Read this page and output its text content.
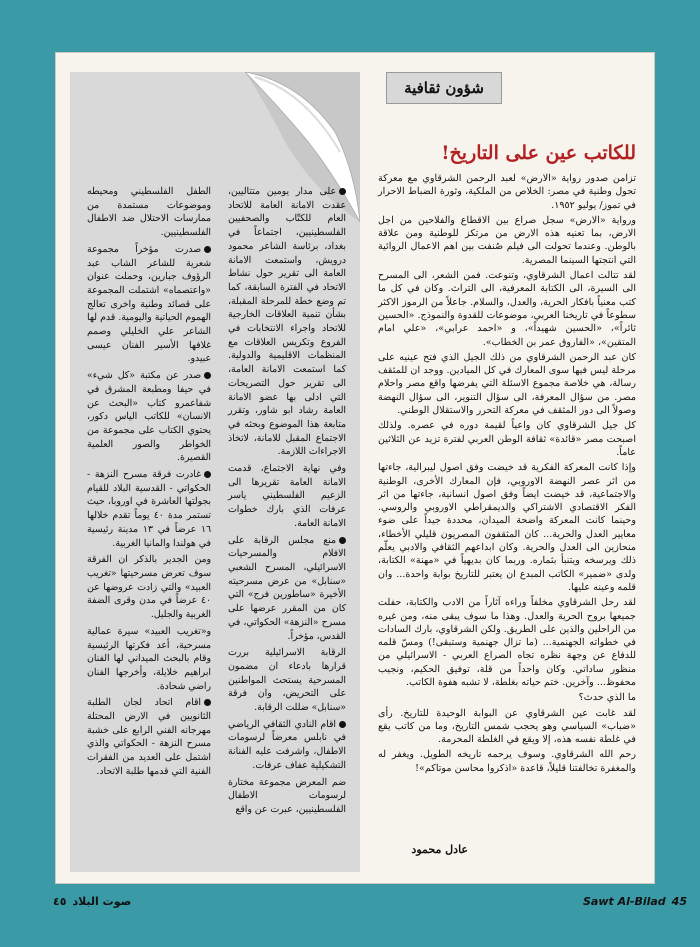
شؤون ثقافية
للكاتب عين على التاريخ!

تزامن صدور رواية «الارض» لعبد الرحمن الشرقاوي مع معركة تحول وطنية في مصر: الخلاص من الملكية، وثورة الضباط الاحرار في تموز/ يوليو ١٩٥٢.

ورواية «الارض» سجل صراع بين الاقطاع والفلاحين من اجل الارض، بما تعنيه هذه الارض من مرتكز للوطنية ومن علاقة بالوطن. وعندما تحولت الى فيلم صُنفت بين اهم الاعمال الروائية التي انتجتها السينما المصرية.

لقد تتالت اعمال الشرقاوي، وتنوعت. فمن الشعر، الى المسرح الى السيرة، الى الكتابة المعرفية، الى التراث. وكان في كل ما كتب معنياً بافكار الحرية، والعدل، والسلام. جاعلاً من الرموز الاكثر سطوعاً في تاريخنا العربي، موضوعات للقدوة والنموذج. «الحسين ثائراً»، «الحسين شهيداً»، و «احمد عرابي»، «علي امام المتقين»، «الفاروق عمر بن الخطاب».

كان عبد الرحمن الشرقاوي من ذلك الجيل الذي فتح عينيه على مرحلة ليس فيها سوى المعارك في كل الميادين. ووجد ان للمثقف رسالة، هي خلاصة مجموع الاسئلة التي يفرضها واقع مصر واحلام مصر. من سؤال المعرفة، الى سؤال التنوير، الى سؤال النهضة وصولاً الى دور المثقف في معركة التحرر والاستقلال الوطني.

كل جيل الشرقاوي كان واعياً لقيمة دوره في عصره. ولذلك اصبحت مصر «قائدة» ثقافة الوطن العربي لفترة تزيد عن الثلاثين عاماً.

وإذا كانت المعركة الفكرية قد خيضت وفق اصول ليبرالية، جاءتها من اثر عصر النهضة الاوروبي، فإن المعارك الأخرى، الوطنية والاجتماعية، قد خيضت ايضاً وفق اصول انسانية، جاءتها من اثر الفكر الاقتصادي الاشتراكي والديمقراطي الاوروبي والروسي. وحينما كانت المعركة واضحة الميدان، محددة جيداً على ضوء معايير العدل والحرية... كان المثقفون المصريون قليلي الأخطاء، منحازين الى العدل والحرية. وكان ابداعهم الثقافي والادبي يعلّم ذلك ويرسخه ويتنبأ بثماره. وربما كان بديهياً في «مهنة» الكتابة، ولدى «ضمير» الكاتب المبدع ان يعتبر للتاريخ بوابة واحدة... وان قلمه وعينه عليها.

لقد رحل الشرقاوي مخلفاً وراءه آثاراً من الادب والكتابة، حفلت جميعها بروح الحرية والعدل. وهذا ما سوف يبقى منه، ومن غيره من الراحلين والذين على الطريق. ولكن الشرقاوي، بارك السادات في خطواته الجهنمية... (ما تزال جهنمية وستبقى!) ومسّ قلمه للدفاع عن وجهة نظره تجاه الصراع العربي - الاسرائيلي من منظور ساداتي. وكان واحداً من قلة، توفيق الحكيم، ونجيب محفوظ... وآخرين. ختم حياته بغلطة، لا تشبه هفوة الكاتب.

ما الذي حدث؟

لقد غابت عين الشرقاوي عن البوابة الوحيدة للتاريخ. رأى «ضباب» السياسي وهو يحجب شمس التاريخ، وما من كاتب يقع في غلطة نفسه هذه، إلا ويقع في الغلطة المحرمة.

رحم الله الشرقاوي. وسوف يرحمه تاريخه الطويل. ويغفر له والمغفرة تخالفتنا قليلاً، قاعدة «اذكروا محاسن موتاكم»!

عادل محمود

على مدار يومين متتاليين، عقدت الامانة العامة للاتحاد العام للكتّاب والصحفيين الفلسطينيين، اجتماعاً في بغداد، برئاسة الشاعر محمود درويش، واستمعت الامانة العامة الى تقرير حول نشاط الاتحاد في الفترة السابقة، كما تم وضع خطة للمرحلة المقبلة، بشأن تنمية العلاقات الخارجية للاتحاد واجراء الانتخابات في الفروع وتكريس العلاقات مع المنظمات الاقليمية والدولية. كما استمعت الامانة العامة، الى تقرير حول التصريحات التي ادلى بها عضو الامانة العامة رشاد ابو شاور، وتقرر متابعة هذا الموضوع وبحثه في الاجتماع المقبل للامانة، لاتخاذ الاجراءات اللازمة.

وفي نهاية الاجتماع، قدمت الامانة العامة تقريرها الى الزعيم الفلسطيني ياسر عرفات الذي بارك خطوات الامانة العامة.

منع مجلس الرقابة على الافلام والمسرحيات الاسرائيلي، المسرح الشعبي «سنابل» من عرض مسرحيته الأخيرة «ساطورين فرج» التي كان من المقرر عرضها على مسرح «النزهة» الحكواتي، في القدس، مؤخراً.

الرقابة الاسرائيلية بررت قرارها بادعاء ان مضمون المسرحية يستحث المواطنين على التحريض، وان فرقة «سنابل» ضللت الرقابة.

اقام النادي الثقافي الرياضي في نابلس معرضاً لرسومات الاطفال، واشرفت عليه الفنانة التشكيلية عفاف عرفات.

ضم المعرض مجموعة مختارة لرسومات الاطفال الفلسطينيين، عبرت عن واقع

الطفل الفلسطيني ومحيطه وموضوعات مستمدة من ممارسات الاحتلال ضد الاطفال الفلسطينيين.

صدرت مؤخراً مجموعة شعرية للشاعر الشاب عبد الرؤوف جبارين، وحملت عنوان «واعتصماه» اشتملت المجموعة على قصائد وطنية واخرى تعالج الهموم الحياتية واليومية. قدم لها الشاعر علي الخليلي وصمم غلافها الأسير الفنان عيسى عبيدو.

صدر عن مكتبة «كل شيء» في حيفا ومطبعة المشرق في شفاعمرو كتاب «البحث عن الانسان» للكاتب الياس دكور، يحتوي الكتاب على مجموعة من الخواطر والصور العلمية القصيرة.

غادرت فرقة مسرح النزهة - الحكواتي - القدسية البلاد للقيام بجولتها العاشرة في اوروبا، حيث تستمر مدة ٤٠ يوماً تقدم خلالها ١٦ عرضاً في ١٣ مدينة رئيسية في هولندا والمانيا الغربية.

ومن الجدير بالذكر ان الفرقة سوف تعرض مسرحيتها «تغريب العبيد» والتي زادت عروضها عن ٤٠ عرضاً في مدن وقرى الضفة الغربية والجليل.

و«تغريب العبيد» سيرة عمالية مسرحية، أعد فكرتها الرئيسية وقام بالبحث الميداني لها الفنان ابراهيم خلايلة، وأخرجها الفنان راضي شحادة.

اقام اتحاد لجان الطلبة الثانويين في الارض المحتلة مهرجانه الفني الرابع على خشبة مسرح النزهة - الحكواتي والذي اشتمل على العديد من الفقرات الفنية التي قدمها طلبة الاتحاد.

صوت البلاد٤٥	Sawt Al-Bilad 45
